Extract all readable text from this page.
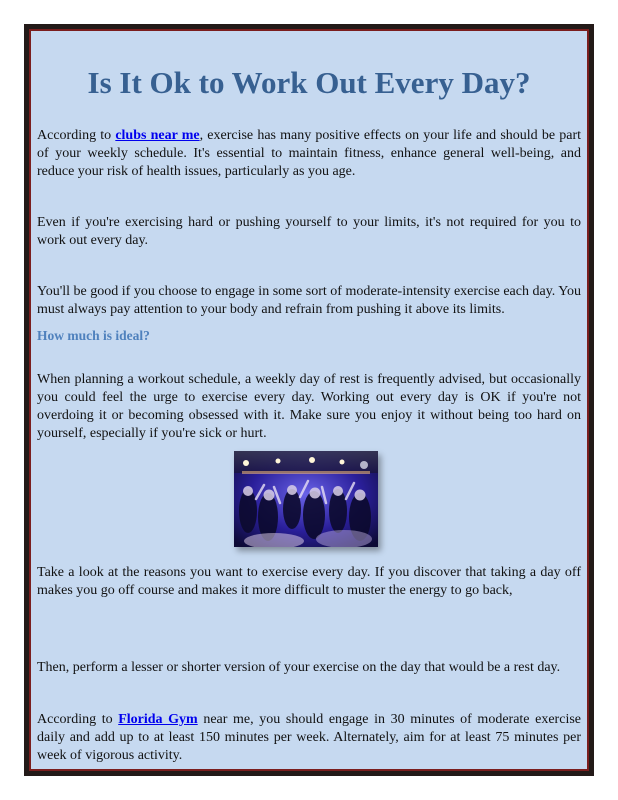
Is It Ok to Work Out Every Day?

According to clubs near me, exercise has many positive effects on your life and should be part of your weekly schedule. It's essential to maintain fitness, enhance general well-being, and reduce your risk of health issues, particularly as you age.

Even if you're exercising hard or pushing yourself to your limits, it's not required for you to work out every day.

You'll be good if you choose to engage in some sort of moderate-intensity exercise each day. You must always pay attention to your body and refrain from pushing it above its limits.

How much is ideal?

When planning a workout schedule, a weekly day of rest is frequently advised, but occasionally you could feel the urge to exercise every day. Working out every day is OK if you're not overdoing it or becoming obsessed with it. Make sure you enjoy it without being too hard on yourself, especially if you're sick or hurt.

Take a look at the reasons you want to exercise every day. If you discover that taking a day off makes you go off course and makes it more difficult to muster the energy to go back,

Then, perform a lesser or shorter version of your exercise on the day that would be a rest day.

According to Florida Gym near me, you should engage in 30 minutes of moderate exercise daily and add up to at least 150 minutes per week. Alternately, aim for at least 75 minutes per week of vigorous activity.
